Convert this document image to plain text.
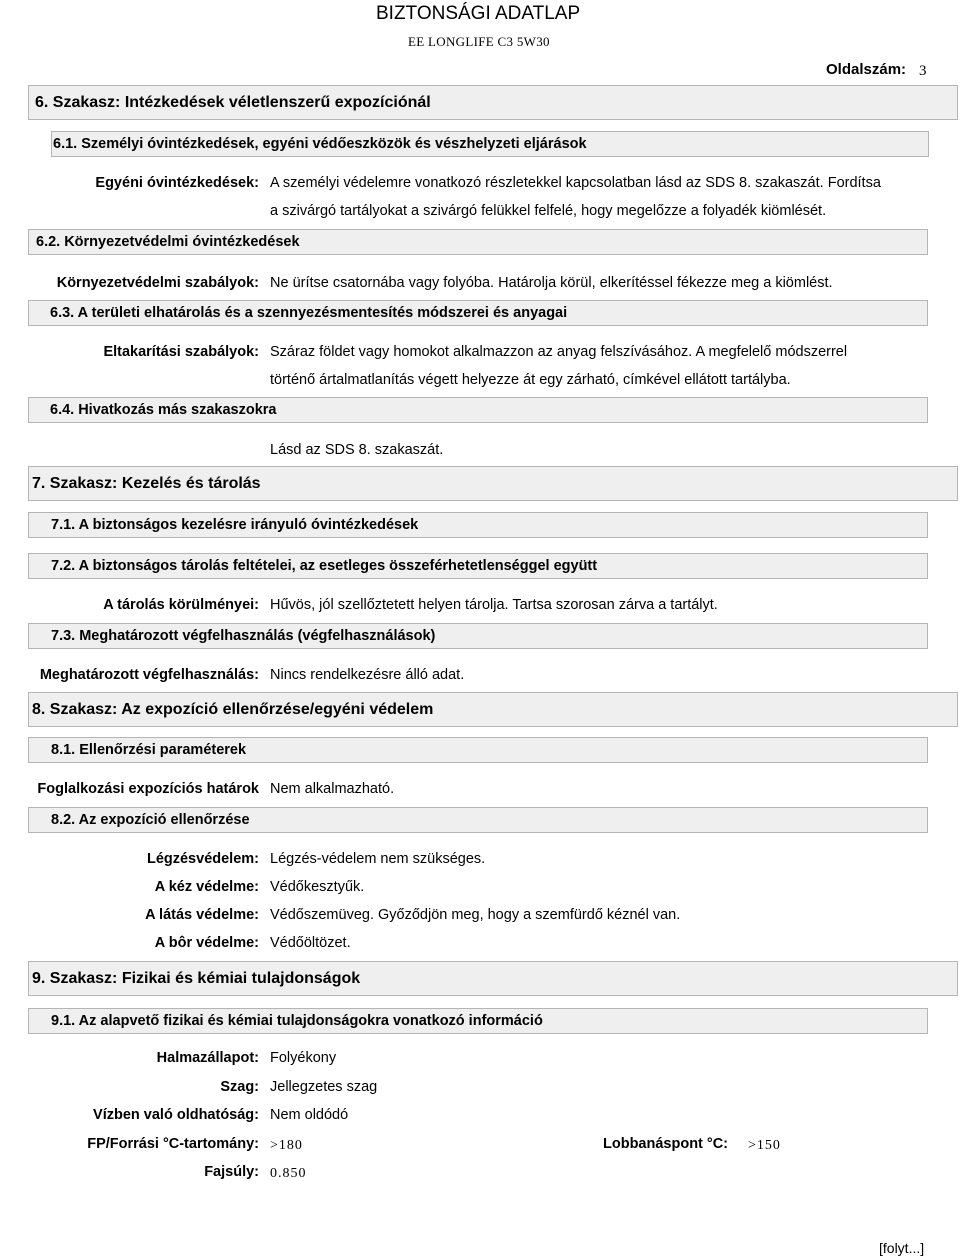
BIZTONSÁGI ADATLAP
EE LONGLIFE C3 5W30
Oldalszám: 3
6. Szakasz: Intézkedések véletlenszerű expozíciónál
6.1. Személyi óvintézkedések, egyéni védőeszközök és vészhelyzeti eljárások
Egyéni óvintézkedések: A személyi védelemre vonatkozó részletekkel kapcsolatban lásd az SDS 8. szakaszát. Fordítsa
a szivárgó tartályokat a szivárgó felükkel felfelé, hogy megelőzze a folyadék kiömlését.
6.2. Környezetvédelmi óvintézkedések
Környezetvédelmi szabályok: Ne ürítse csatornába vagy folyóba. Határolja körül, elkerítéssel fékezze meg a kiömlést.
6.3. A területi elhatárolás és a szennyezésmentesítés módszerei és anyagai
Eltakarítási szabályok: Száraz földet vagy homokot alkalmazzon az anyag felszívásához. A megfelelő módszerrel
történő ártalmatlanítás végett helyezze át egy zárható, címkével ellátott tartályba.
6.4. Hivatkozás más szakaszokra
Lásd az SDS 8. szakaszát.
7. Szakasz: Kezelés és tárolás
7.1. A biztonságos kezelésre irányuló óvintézkedések
7.2. A biztonságos tárolás feltételei, az esetleges összeférhetetlenséggel együtt
A tárolás körülményei: Hűvös, jól szellőztetett helyen tárolja. Tartsa szorosan zárva a tartályt.
7.3. Meghatározott végfelhasználás (végfelhasználások)
Meghatározott végfelhasználás: Nincs rendelkezésre álló adat.
8. Szakasz: Az expozíció ellenőrzése/egyéni védelem
8.1. Ellenőrzési paraméterek
Foglalkozási expozíciós határok Nem alkalmazható.
8.2. Az expozíció ellenőrzése
Légzésvédelem: Légzés-védelem nem szükséges.
A kéz védelme: Védőkesztyűk.
A látás védelme: Védőszemüveg. Győződjön meg, hogy a szemfürdő kéznél van.
A bôr védelme: Védőöltözet.
9. Szakasz: Fizikai és kémiai tulajdonságok
9.1. Az alapvető fizikai és kémiai tulajdonságokra vonatkozó információ
Halmazállapot: Folyékony
Szag: Jellegzetes szag
Vízben való oldhatóság: Nem oldódó
FP/Forrási °C-tartomány: >180	Lobbanáspont °C: >150
Fajsúly: 0.850
[folyt...]
